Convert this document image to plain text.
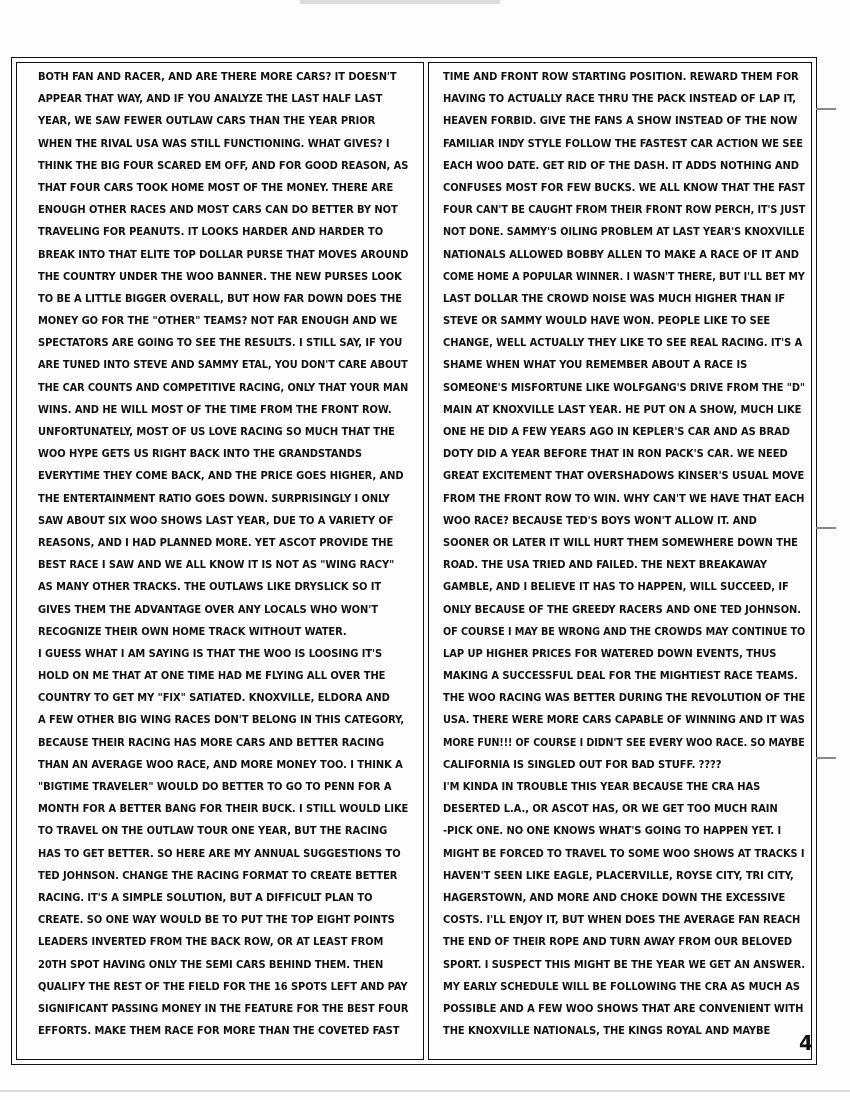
BOTH FAN AND RACER, AND ARE THERE MORE CARS? IT DOESN'T
APPEAR THAT WAY, AND IF YOU ANALYZE THE LAST HALF LAST
YEAR, WE SAW FEWER OUTLAW CARS THAN THE YEAR PRIOR
WHEN THE RIVAL USA WAS STILL FUNCTIONING. WHAT GIVES? I
THINK THE BIG FOUR SCARED EM OFF, AND FOR GOOD REASON, AS
THAT FOUR CARS TOOK HOME MOST OF THE MONEY. THERE ARE
ENOUGH OTHER RACES AND MOST CARS CAN DO BETTER BY NOT
TRAVELING FOR PEANUTS. IT LOOKS HARDER AND HARDER TO
BREAK INTO THAT ELITE TOP DOLLAR PURSE THAT MOVES AROUND
THE COUNTRY UNDER THE WOO BANNER. THE NEW PURSES LOOK
TO BE A LITTLE BIGGER OVERALL, BUT HOW FAR DOWN DOES THE
MONEY GO FOR THE "OTHER" TEAMS? NOT FAR ENOUGH AND WE
SPECTATORS ARE GOING TO SEE THE RESULTS. I STILL SAY, IF YOU
ARE TUNED INTO STEVE AND SAMMY ETAL, YOU DON'T CARE ABOUT
THE CAR COUNTS AND COMPETITIVE RACING, ONLY THAT YOUR MAN
WINS. AND HE WILL MOST OF THE TIME FROM THE FRONT ROW.
UNFORTUNATELY, MOST OF US LOVE RACING SO MUCH THAT THE
WOO HYPE GETS US RIGHT BACK INTO THE GRANDSTANDS
EVERYTIME THEY COME BACK, AND THE PRICE GOES HIGHER, AND
THE ENTERTAINMENT RATIO GOES DOWN. SURPRISINGLY I ONLY
SAW ABOUT SIX WOO SHOWS LAST YEAR, DUE TO A VARIETY OF
REASONS, AND I HAD PLANNED MORE. YET ASCOT PROVIDE THE
BEST RACE I SAW AND WE ALL KNOW IT IS NOT AS "WING RACY"
AS MANY OTHER TRACKS. THE OUTLAWS LIKE DRYSLICK SO IT
GIVES THEM THE ADVANTAGE OVER ANY LOCALS WHO WON'T
RECOGNIZE THEIR OWN HOME TRACK WITHOUT WATER.
I GUESS WHAT I AM SAYING IS THAT THE WOO IS LOOSING IT'S
HOLD ON ME THAT AT ONE TIME HAD ME FLYING ALL OVER THE
COUNTRY TO GET MY "FIX" SATIATED. KNOXVILLE, ELDORA AND
A FEW OTHER BIG WING RACES DON'T BELONG IN THIS CATEGORY,
BECAUSE THEIR RACING HAS MORE CARS AND BETTER RACING
THAN AN AVERAGE WOO RACE, AND MORE MONEY TOO. I THINK A
"BIGTIME TRAVELER" WOULD DO BETTER TO GO TO PENN FOR A
MONTH FOR A BETTER BANG FOR THEIR BUCK. I STILL WOULD LIKE
TO TRAVEL ON THE OUTLAW TOUR ONE YEAR, BUT THE RACING
HAS TO GET BETTER. SO HERE ARE MY ANNUAL SUGGESTIONS TO
TED JOHNSON. CHANGE THE RACING FORMAT TO CREATE BETTER
RACING. IT'S A SIMPLE SOLUTION, BUT A DIFFICULT PLAN TO
CREATE. SO ONE WAY WOULD BE TO PUT THE TOP EIGHT POINTS
LEADERS INVERTED FROM THE BACK ROW, OR AT LEAST FROM
20TH SPOT HAVING ONLY THE SEMI CARS BEHIND THEM. THEN
QUALIFY THE REST OF THE FIELD FOR THE 16 SPOTS LEFT AND PAY
SIGNIFICANT PASSING MONEY IN THE FEATURE FOR THE BEST FOUR
EFFORTS. MAKE THEM RACE FOR MORE THAN THE COVETED FAST
TIME AND FRONT ROW STARTING POSITION. REWARD THEM FOR
HAVING TO ACTUALLY RACE THRU THE PACK INSTEAD OF LAP IT,
HEAVEN FORBID. GIVE THE FANS A SHOW INSTEAD OF THE NOW
FAMILIAR INDY STYLE FOLLOW THE FASTEST CAR ACTION WE SEE
EACH WOO DATE. GET RID OF THE DASH. IT ADDS NOTHING AND
CONFUSES MOST FOR FEW BUCKS. WE ALL KNOW THAT THE FAST
FOUR CAN'T BE CAUGHT FROM THEIR FRONT ROW PERCH, IT'S JUST
NOT DONE. SAMMY'S OILING PROBLEM AT LAST YEAR'S KNOXVILLE
NATIONALS ALLOWED BOBBY ALLEN TO MAKE A RACE OF IT AND
COME HOME A POPULAR WINNER. I WASN'T THERE, BUT I'LL BET MY
LAST DOLLAR THE CROWD NOISE WAS MUCH HIGHER THAN IF
STEVE OR SAMMY WOULD HAVE WON. PEOPLE LIKE TO SEE
CHANGE, WELL ACTUALLY THEY LIKE TO SEE REAL RACING. IT'S A
SHAME WHEN WHAT YOU REMEMBER ABOUT A RACE IS
SOMEONE'S MISFORTUNE LIKE WOLFGANG'S DRIVE FROM THE "D"
MAIN AT KNOXVILLE LAST YEAR. HE PUT ON A SHOW, MUCH LIKE
ONE HE DID A FEW YEARS AGO IN KEPLER'S CAR AND AS BRAD
DOTY DID A YEAR BEFORE THAT IN RON PACK'S CAR. WE NEED
GREAT EXCITEMENT THAT OVERSHADOWS KINSER'S USUAL MOVE
FROM THE FRONT ROW TO WIN. WHY CAN'T WE HAVE THAT EACH
WOO RACE? BECAUSE TED'S BOYS WON'T ALLOW IT. AND
SOONER OR LATER IT WILL HURT THEM SOMEWHERE DOWN THE
ROAD. THE USA TRIED AND FAILED. THE NEXT BREAKAWAY
GAMBLE, AND I BELIEVE IT HAS TO HAPPEN, WILL SUCCEED, IF
ONLY BECAUSE OF THE GREEDY RACERS AND ONE TED JOHNSON.
OF COURSE I MAY BE WRONG AND THE CROWDS MAY CONTINUE TO
LAP UP HIGHER PRICES FOR WATERED DOWN EVENTS, THUS
MAKING A SUCCESSFUL DEAL FOR THE MIGHTIEST RACE TEAMS.
THE WOO RACING WAS BETTER DURING THE REVOLUTION OF THE
USA. THERE WERE MORE CARS CAPABLE OF WINNING AND IT WAS
MORE FUN!!! OF COURSE I DIDN'T SEE EVERY WOO RACE. SO MAYBE
CALIFORNIA IS SINGLED OUT FOR BAD STUFF. ????
I'M KINDA IN TROUBLE THIS YEAR BECAUSE THE CRA HAS
DESERTED L.A., OR ASCOT HAS, OR WE GET TOO MUCH RAIN
-PICK ONE. NO ONE KNOWS WHAT'S GOING TO HAPPEN YET. I
MIGHT BE FORCED TO TRAVEL TO SOME WOO SHOWS AT TRACKS I
HAVEN'T SEEN LIKE EAGLE, PLACERVILLE, ROYSE CITY, TRI CITY,
HAGERSTOWN, AND MORE AND CHOKE DOWN THE EXCESSIVE
COSTS. I'LL ENJOY IT, BUT WHEN DOES THE AVERAGE FAN REACH
THE END OF THEIR ROPE AND TURN AWAY FROM OUR BELOVED
SPORT. I SUSPECT THIS MIGHT BE THE YEAR WE GET AN ANSWER.
MY EARLY SCHEDULE WILL BE FOLLOWING THE CRA AS MUCH AS
POSSIBLE AND A FEW WOO SHOWS THAT ARE CONVENIENT WITH
THE KNOXVILLE NATIONALS, THE KINGS ROYAL AND MAYBE
4
